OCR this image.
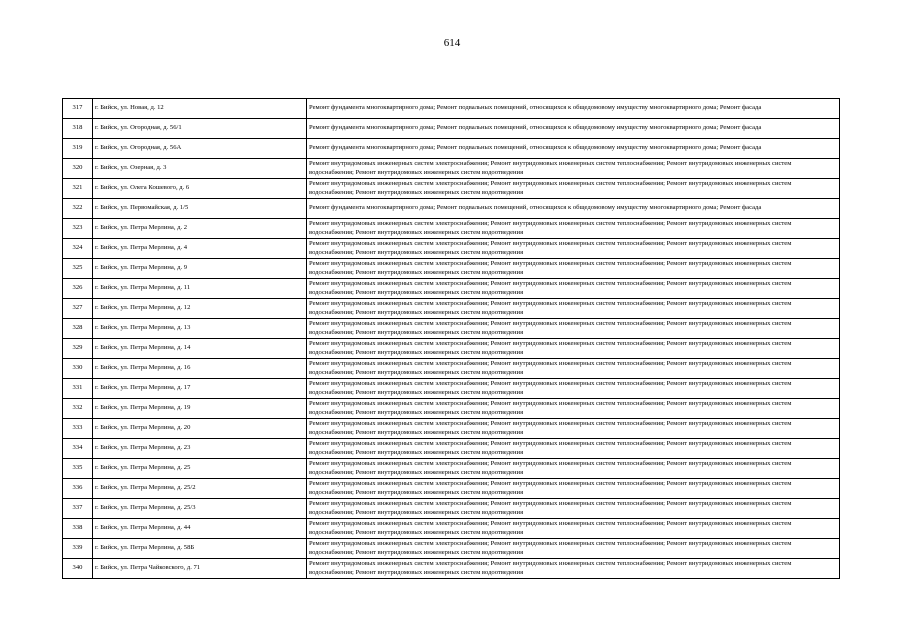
614
317	г. Бийск, ул. Новая, д. 12	Ремонт фундамента многоквартирного дома; Ремонт подвальных помещений, относящихся к общедомовому имуществу многоквартирного дома; Ремонт фасада
318	г. Бийск, ул. Огородная, д. 56/1	Ремонт фундамента многоквартирного дома; Ремонт подвальных помещений, относящихся к общедомовому имуществу многоквартирного дома; Ремонт фасада
319	г. Бийск, ул. Огородная, д. 56А	Ремонт фундамента многоквартирного дома; Ремонт подвальных помещений, относящихся к общедомовому имуществу многоквартирного дома; Ремонт фасада
320	г. Бийск, ул. Озерная, д. 3	Ремонт внутридомовых инженерных систем электроснабжения; Ремонт внутридомовых инженерных систем теплоснабжения; Ремонт внутридомовых инженерных систем водоснабжения; Ремонт внутридомовых инженерных систем водоотведения
321	г. Бийск, ул. Олега Кошевого, д. 6	Ремонт внутридомовых инженерных систем электроснабжения; Ремонт внутридомовых инженерных систем теплоснабжения; Ремонт внутридомовых инженерных систем водоснабжения; Ремонт внутридомовых инженерных систем водоотведения
322	г. Бийск, ул. Первомайская, д. 1/5	Ремонт фундамента многоквартирного дома; Ремонт подвальных помещений, относящихся к общедомовому имуществу многоквартирного дома; Ремонт фасада
323	г. Бийск, ул. Петра Мерлина, д. 2	Ремонт внутридомовых инженерных систем электроснабжения; Ремонт внутридомовых инженерных систем теплоснабжения; Ремонт внутридомовых инженерных систем водоснабжения; Ремонт внутридомовых инженерных систем водоотведения
324	г. Бийск, ул. Петра Мерлина, д. 4	Ремонт внутридомовых инженерных систем электроснабжения; Ремонт внутридомовых инженерных систем теплоснабжения; Ремонт внутридомовых инженерных систем водоснабжения; Ремонт внутридомовых инженерных систем водоотведения
325	г. Бийск, ул. Петра Мерлина, д. 9	Ремонт внутридомовых инженерных систем электроснабжения; Ремонт внутридомовых инженерных систем теплоснабжения; Ремонт внутридомовых инженерных систем водоснабжения; Ремонт внутридомовых инженерных систем водоотведения
326	г. Бийск, ул. Петра Мерлина, д. 11	Ремонт внутридомовых инженерных систем электроснабжения; Ремонт внутридомовых инженерных систем теплоснабжения; Ремонт внутридомовых инженерных систем водоснабжения; Ремонт внутридомовых инженерных систем водоотведения
327	г. Бийск, ул. Петра Мерлина, д. 12	Ремонт внутридомовых инженерных систем электроснабжения; Ремонт внутридомовых инженерных систем теплоснабжения; Ремонт внутридомовых инженерных систем водоснабжения; Ремонт внутридомовых инженерных систем водоотведения
328	г. Бийск, ул. Петра Мерлина, д. 13	Ремонт внутридомовых инженерных систем электроснабжения; Ремонт внутридомовых инженерных систем теплоснабжения; Ремонт внутридомовых инженерных систем водоснабжения; Ремонт внутридомовых инженерных систем водоотведения
329	г. Бийск, ул. Петра Мерлина, д. 14	Ремонт внутридомовых инженерных систем электроснабжения; Ремонт внутридомовых инженерных систем теплоснабжения; Ремонт внутридомовых инженерных систем водоснабжения; Ремонт внутридомовых инженерных систем водоотведения
330	г. Бийск, ул. Петра Мерлина, д. 16	Ремонт внутридомовых инженерных систем электроснабжения; Ремонт внутридомовых инженерных систем теплоснабжения; Ремонт внутридомовых инженерных систем водоснабжения; Ремонт внутридомовых инженерных систем водоотведения
331	г. Бийск, ул. Петра Мерлина, д. 17	Ремонт внутридомовых инженерных систем электроснабжения; Ремонт внутридомовых инженерных систем теплоснабжения; Ремонт внутридомовых инженерных систем водоснабжения; Ремонт внутридомовых инженерных систем водоотведения
332	г. Бийск, ул. Петра Мерлина, д. 19	Ремонт внутридомовых инженерных систем электроснабжения; Ремонт внутридомовых инженерных систем теплоснабжения; Ремонт внутридомовых инженерных систем водоснабжения; Ремонт внутридомовых инженерных систем водоотведения
333	г. Бийск, ул. Петра Мерлина, д. 20	Ремонт внутридомовых инженерных систем электроснабжения; Ремонт внутридомовых инженерных систем теплоснабжения; Ремонт внутридомовых инженерных систем водоснабжения; Ремонт внутридомовых инженерных систем водоотведения
334	г. Бийск, ул. Петра Мерлина, д. 23	Ремонт внутридомовых инженерных систем электроснабжения; Ремонт внутридомовых инженерных систем теплоснабжения; Ремонт внутридомовых инженерных систем водоснабжения; Ремонт внутридомовых инженерных систем водоотведения
335	г. Бийск, ул. Петра Мерлина, д. 25	Ремонт внутридомовых инженерных систем электроснабжения; Ремонт внутридомовых инженерных систем теплоснабжения; Ремонт внутридомовых инженерных систем водоснабжения; Ремонт внутридомовых инженерных систем водоотведения
336	г. Бийск, ул. Петра Мерлина, д. 25/2	Ремонт внутридомовых инженерных систем электроснабжения; Ремонт внутридомовых инженерных систем теплоснабжения; Ремонт внутридомовых инженерных систем водоснабжения; Ремонт внутридомовых инженерных систем водоотведения
337	г. Бийск, ул. Петра Мерлина, д. 25/3	Ремонт внутридомовых инженерных систем электроснабжения; Ремонт внутридомовых инженерных систем теплоснабжения; Ремонт внутридомовых инженерных систем водоснабжения; Ремонт внутридомовых инженерных систем водоотведения
338	г. Бийск, ул. Петра Мерлина, д. 44	Ремонт внутридомовых инженерных систем электроснабжения; Ремонт внутридомовых инженерных систем теплоснабжения; Ремонт внутридомовых инженерных систем водоснабжения; Ремонт внутридомовых инженерных систем водоотведения
339	г. Бийск, ул. Петра Мерлина, д. 58Б	Ремонт внутридомовых инженерных систем электроснабжения; Ремонт внутридомовых инженерных систем теплоснабжения; Ремонт внутридомовых инженерных систем водоснабжения; Ремонт внутридомовых инженерных систем водоотведения
340	г. Бийск, ул. Петра Чайковского, д. 71	Ремонт внутридомовых инженерных систем электроснабжения; Ремонт внутридомовых инженерных систем теплоснабжения; Ремонт внутридомовых инженерных систем водоснабжения; Ремонт внутридомовых инженерных систем водоотведения
